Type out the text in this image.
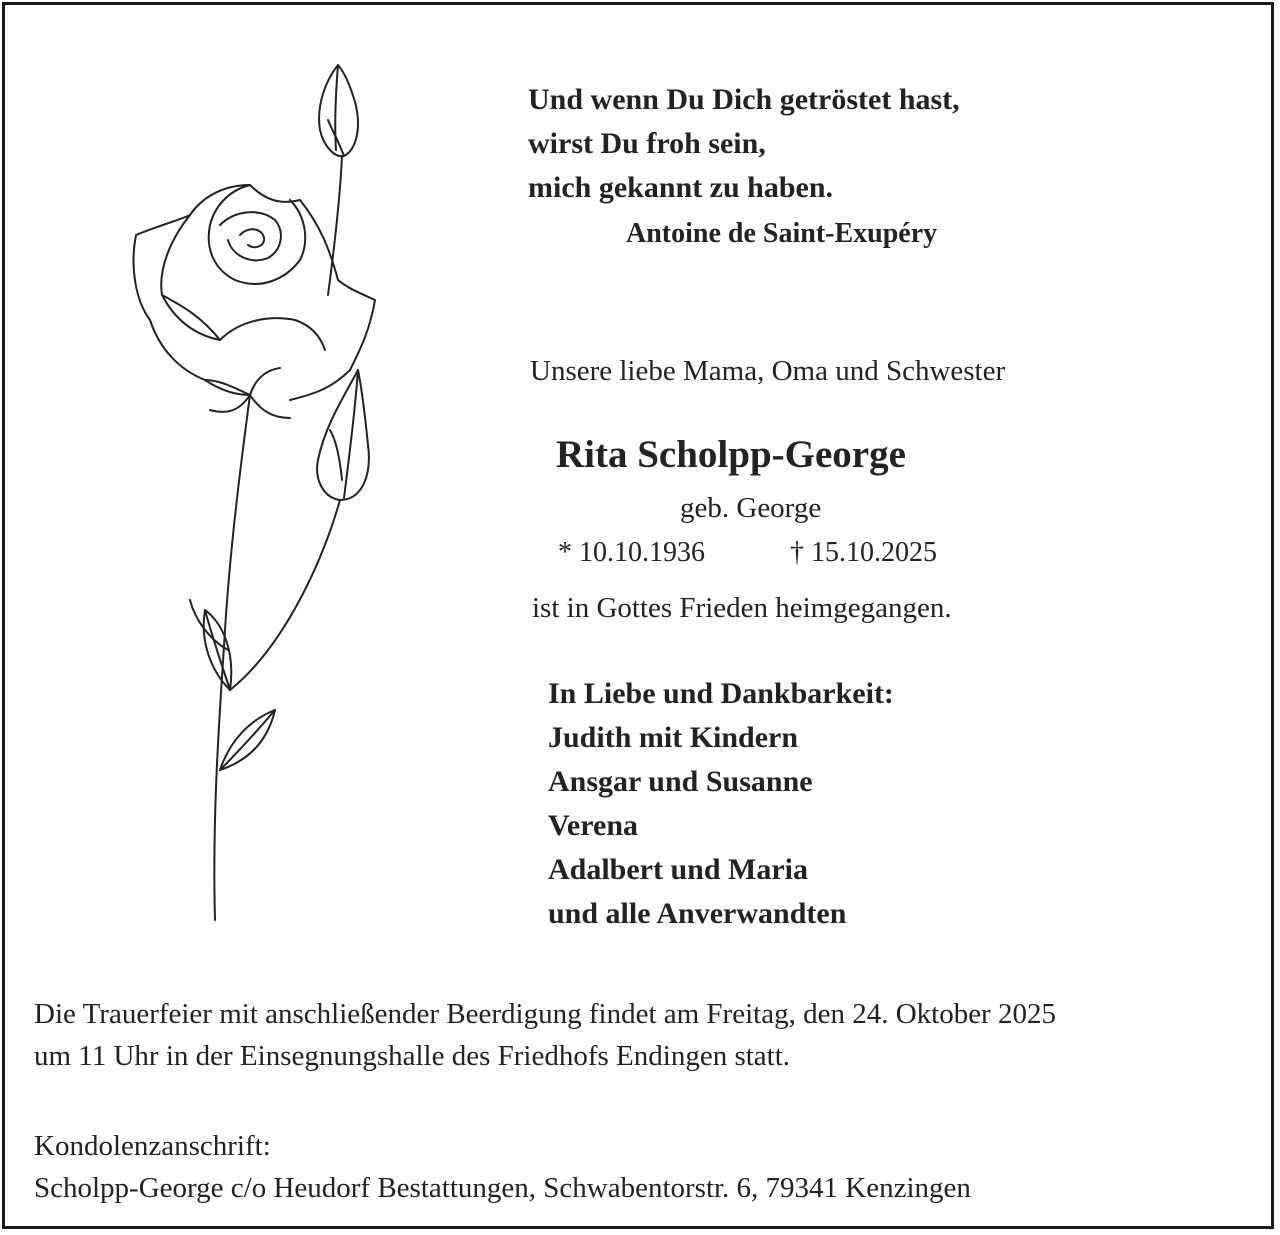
Und wenn Du Dich getröstet hast,
wirst Du froh sein,
mich gekannt zu haben.
Antoine de Saint-Exupéry
Unsere liebe Mama, Oma und Schwester
Rita Scholpp-George
geb. George
* 10.10.1936	† 15.10.2025
ist in Gottes Frieden heimgegangen.
In Liebe und Dankbarkeit:
Judith mit Kindern
Ansgar und Susanne
Verena
Adalbert und Maria
und alle Anverwandten
Die Trauerfeier mit anschließender Beerdigung findet am Freitag, den 24. Oktober 2025
um 11 Uhr in der Einsegnungshalle des Friedhofs Endingen statt.
Kondolenzanschrift:
Scholpp-George c/o Heudorf Bestattungen, Schwabentorstr. 6, 79341 Kenzingen
